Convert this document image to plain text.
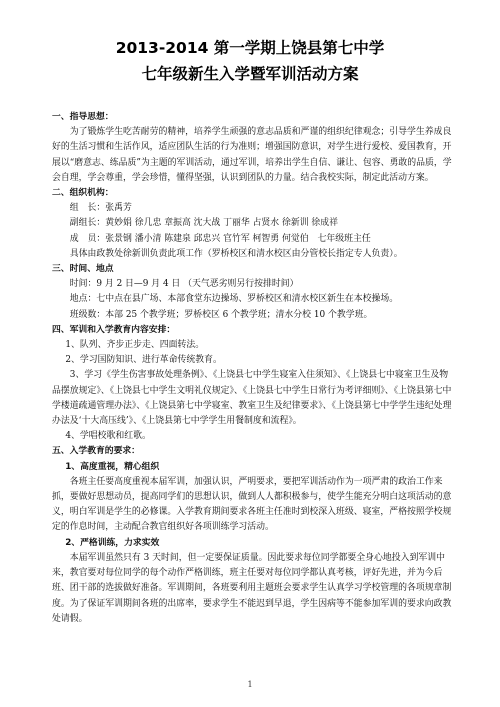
2013-2014 第一学期上饶县第七中学
七年级新生入学暨军训活动方案

一、指导思想：

为了锻炼学生吃苦耐劳的精神，培养学生顽强的意志品质和严谨的组织纪律观念；引导学生养成良好的生活习惯和生活作风，适应团队生活的行为准则；增强国防意识，对学生进行爱校、爱国教育，开展以“磨意志、练品质”为主题的军训活动，通过军训，培养出学生自信、谦让、包容、勇敢的品质，学会自理，学会尊重，学会珍惜，懂得坚强，认识到团队的力量。结合我校实际，制定此活动方案。

二、组织机构：

组　长：张禹芳

副组长：黄妙娟 徐几忠 章振高 沈大战 丁丽华 占贤水 徐新训 徐成祥

成　员：张景钢 潘小清 陈建泉 邱忠兴 官竹军 柯智勇 何觉伯　七年级班主任

具体由政教处徐新训负责此项工作（罗桥校区和清水校区由分管校长指定专人负责）。

三、时间、地点

时间：9 月 2 日—9 月 4 日 （天气恶劣则另行按排时间）

地点：七中点在县广场、本部食堂东边操场、罗桥校区和清水校区新生在本校操场。

班级数：本部 25 个教学班；罗桥校区 6 个教学班；清水分校 10 个教学班。

四、军训和入学教育内容安排：

1、队列、齐步正步走、四面转法。

2、学习国防知识、进行革命传统教育。

3、学习《学生伤害事故处理条例》、《上饶县七中学生寝室入住须知》、《上饶县七中寝室卫生及物品摆放规定》、《上饶县七中学生文明礼仪规定》、《上饶县七中学生日常行为考评细则》、《上饶县第七中学楼道疏通管理办法》、《上饶县第七中学寝室、教室卫生及纪律要求》、《上饶县第七中学学生违纪处理办法及‘十大高压线’》、《上饶县第七中学学生用餐制度和流程》。

4、学唱校歌和红歌。

五、入学教育的要求：

1、高度重视，精心组织

各班主任要高度重视本届军训，加强认识，严明要求，要把军训活动作为一项严肃的政治工作来抓，要做好思想动员，提高同学们的思想认识，做到人人都积极参与，使学生能充分明白这项活动的意义，明白军训是学生的必修课。入学教育期间要求各班主任准时到校深入班级、寝室，严格按照学校规定的作息时间，主动配合教官组织好各项训练学习活动。

2、严格训练，力求实效

本届军训虽然只有 3 天时间，但一定要保证质量。因此要求每位同学都要全身心地投入到军训中来，教官要对每位同学的每个动作严格训练，班主任要对每位同学都认真考核，评好先进，并为今后班、团干部的选拔做好准备。军训期间，各班要利用主题班会要求学生认真学习学校管理的各项规章制度。为了保证军训期间各班的出席率，要求学生不能迟到早退，学生因病等不能参加军训的要求向政教处请假。

1
